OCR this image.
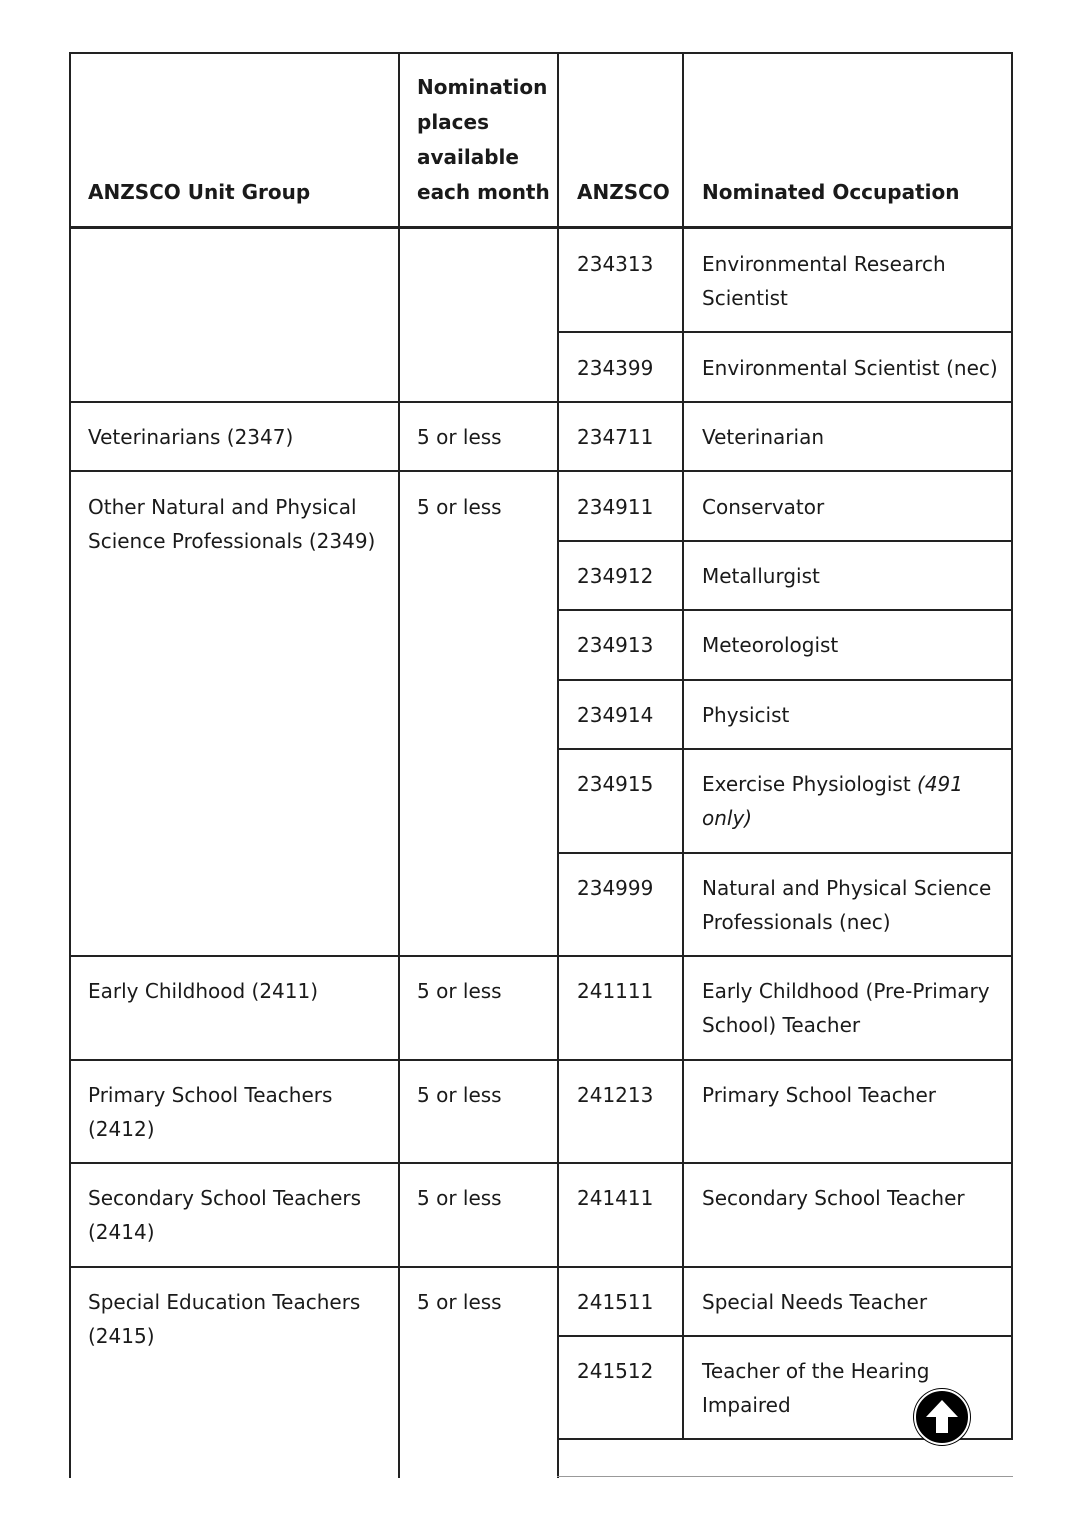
ANZSCO Unit Group
Nomination
places
available
each month ANZSCO Nominated Occupation
Veterinarians (2347)
Other Natural and Physical
Science Professionals (2349)
Early Childhood (2411)
Primary School Teachers
(2412)
Secondary School Teachers
(2414)
Special Education Teachers
(2415)
5 or less
5 or less
5 or less
5 or less
5 or less
5 or less
234313
234399
234711
234911
234912
234913
234914
234915
234999
241111
241213
241411
241511
241512
Environmental Research
Scientist
Environmental Scientist (nec)
Veterinarian
Conservator
Metallurgist
Meteorologist
Physicist
Exercise Physiologist (491
only)
Natural and Physical Science
Professionals (nec)
Early Childhood (Pre-Primary
School) Teacher
Primary School Teacher
Secondary School Teacher
Special Needs Teacher
Teacher of the Hearing
Impaired
